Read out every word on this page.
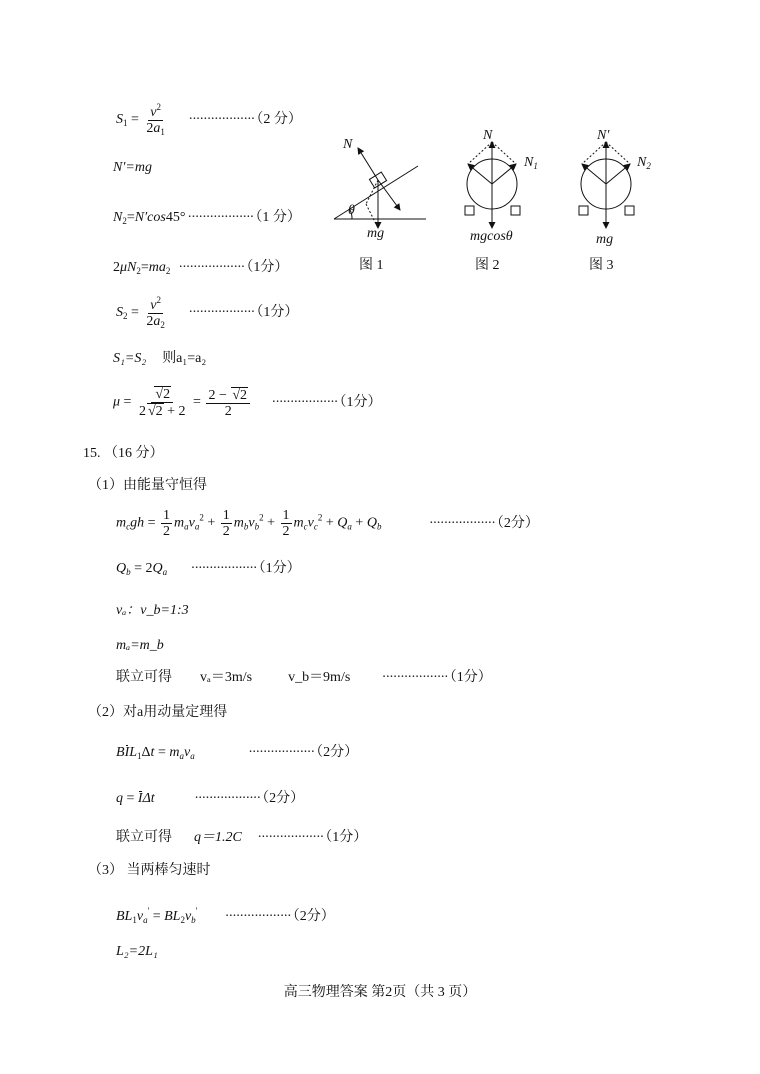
$S_1 = \frac{v^2}{2a_1}$ ·················· （2 分）
N′=mg
$N_2=N'\cos 45^\circ$ ·················· （1 分）
$2\mu N_2=ma_2$ ·················· （1分）
$S_2 = \frac{v^2}{2a_2}$ ·················· （1分）
S₁=S₂ 则a₁=a₂
$\mu = \frac{√2}{2 √2 + 2} = \frac{2 - √2}{2}$ ·················· （1分）
N
θ
mg
图 1
N
$N_1$
mgcosθ
图 2
N′
$N_2$
mg
图 3
15. （16 分）
（1）由能量守恒得
$m_cgh = \frac{1}{2} m_av_a^2 + \frac{1}{2} m_bv_b^2 + \frac{1}{2} m_cv_c^2 + Q_a + Q_b$	·················· （2分）
$Q_b = 2Q_a$ ·················· （1分）
vₐ：v_b=1:3
mₐ=m_b
联立可得 vₐ＝3m/s	v_b＝9m/s ·················· （1分）
（2）对a用动量定理得
$BIL_1\Delta t = m_av_a$	·················· （2分）
q = IΔt	·················· （2分）
联立可得 q＝1.2C ·················· （1分）
（3） 当两棒匀速时
$BL_1v_a' = BL_2v_b'$ ·················· （2分）
L₂=2L₁
高三物理答案 第2页（共 3 页）
